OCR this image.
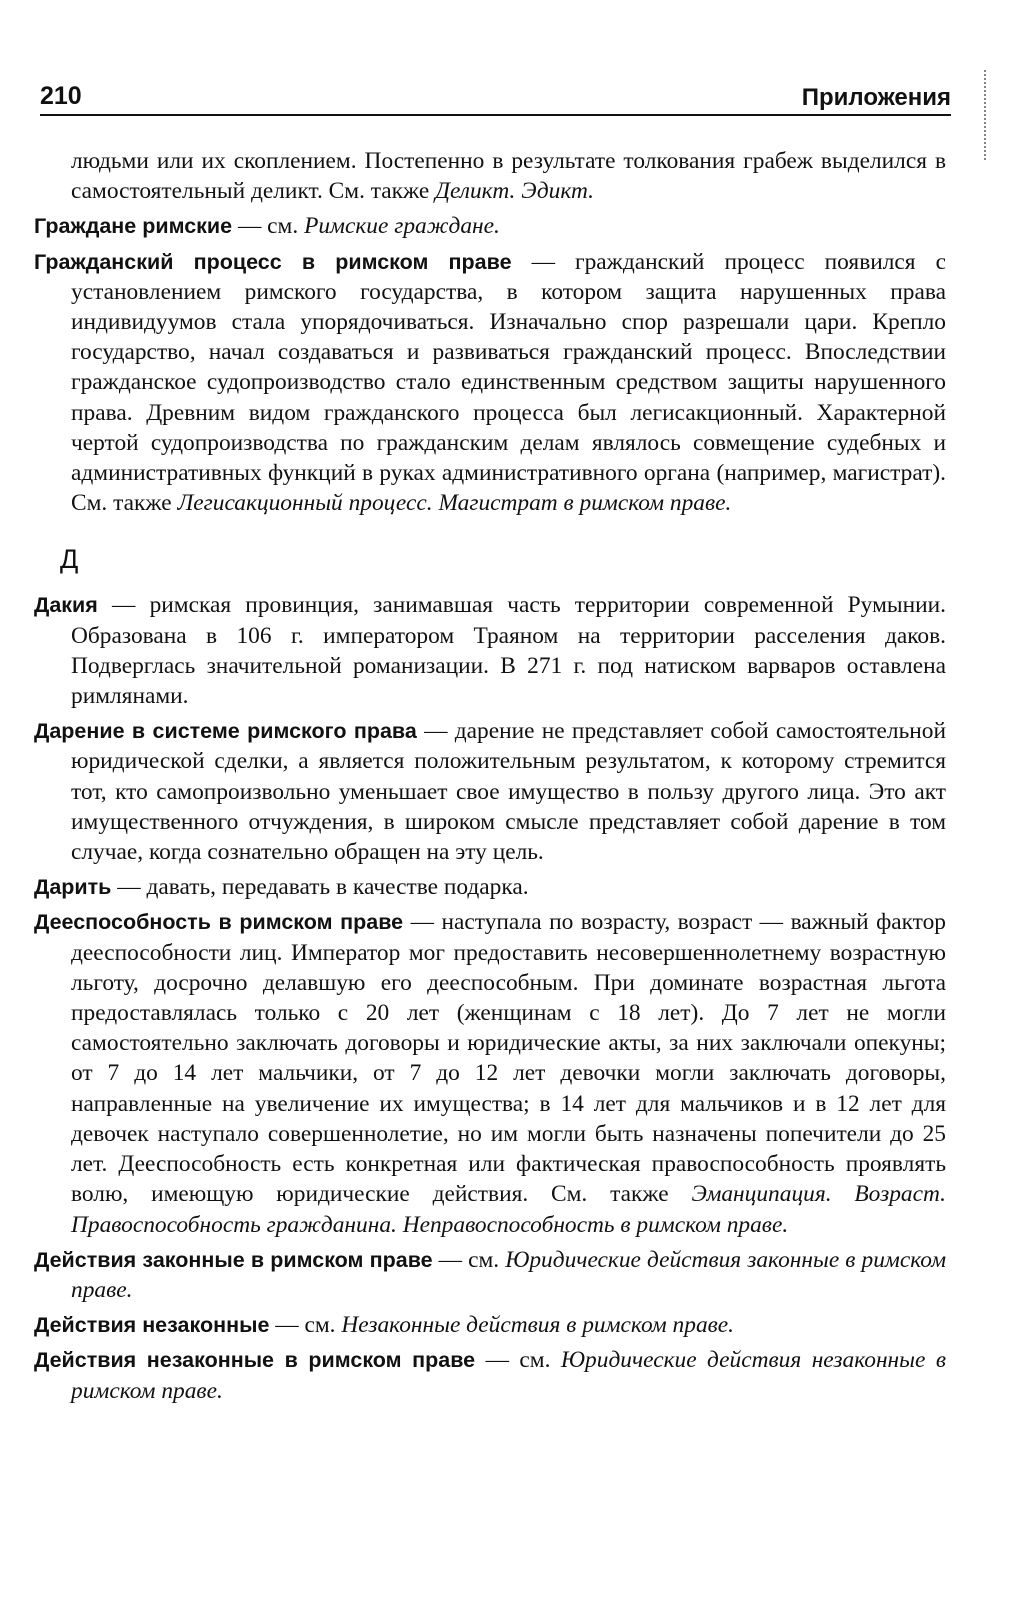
210	Приложения

людьми или их скоплением. Постепенно в результате толкования грабеж выделился в самостоятельный деликт. См. также Деликт. Эдикт.

Граждане римские — см. Римские граждане.

Гражданский процесс в римском праве — гражданский процесс появился с установлением римского государства, в котором защита нарушенных права индивидуумов стала упорядочиваться. Изначально спор разрешали цари. Крепло государство, начал создаваться и развиваться гражданский процесс. Впоследствии гражданское судопроизводство стало единственным средством защиты нарушенного права. Древним видом гражданского процесса был легисакционный. Характерной чертой судопроизводства по гражданским делам являлось совмещение судебных и административных функций в руках административного органа (например, магистрат). См. также Легисакционный процесс. Магистрат в римском праве.

Д

Дакия — римская провинция, занимавшая часть территории современной Румынии. Образована в 106 г. императором Траяном на территории расселения даков. Подверглась значительной романизации. В 271 г. под натиском варваров оставлена римлянами.

Дарение в системе римского права — дарение не представляет собой самостоятельной юридической сделки, а является положительным результатом, к которому стремится тот, кто самопроизвольно уменьшает свое имущество в пользу другого лица. Это акт имущественного отчуждения, в широком смысле представляет собой дарение в том случае, когда сознательно обращен на эту цель.

Дарить — давать, передавать в качестве подарка.

Дееспособность в римском праве — наступала по возрасту, возраст — важный фактор дееспособности лиц. Император мог предоставить несовершеннолетнему возрастную льготу, досрочно делавшую его дееспособным. При доминате возрастная льгота предоставлялась только с 20 лет (женщинам с 18 лет). До 7 лет не могли самостоятельно заключать договоры и юридические акты, за них заключали опекуны; от 7 до 14 лет мальчики, от 7 до 12 лет девочки могли заключать договоры, направленные на увеличение их имущества; в 14 лет для мальчиков и в 12 лет для девочек наступало совершеннолетие, но им могли быть назначены попечители до 25 лет. Дееспособность есть конкретная или фактическая правоспособность проявлять волю, имеющую юридические действия. См. также Эманципация. Возраст. Правоспособность гражданина. Неправоспособность в римском праве.

Действия законные в римском праве — см. Юридические действия законные в римском праве.

Действия незаконные — см. Незаконные действия в римском праве.

Действия незаконные в римском праве — см. Юридические действия незаконные в римском праве.
